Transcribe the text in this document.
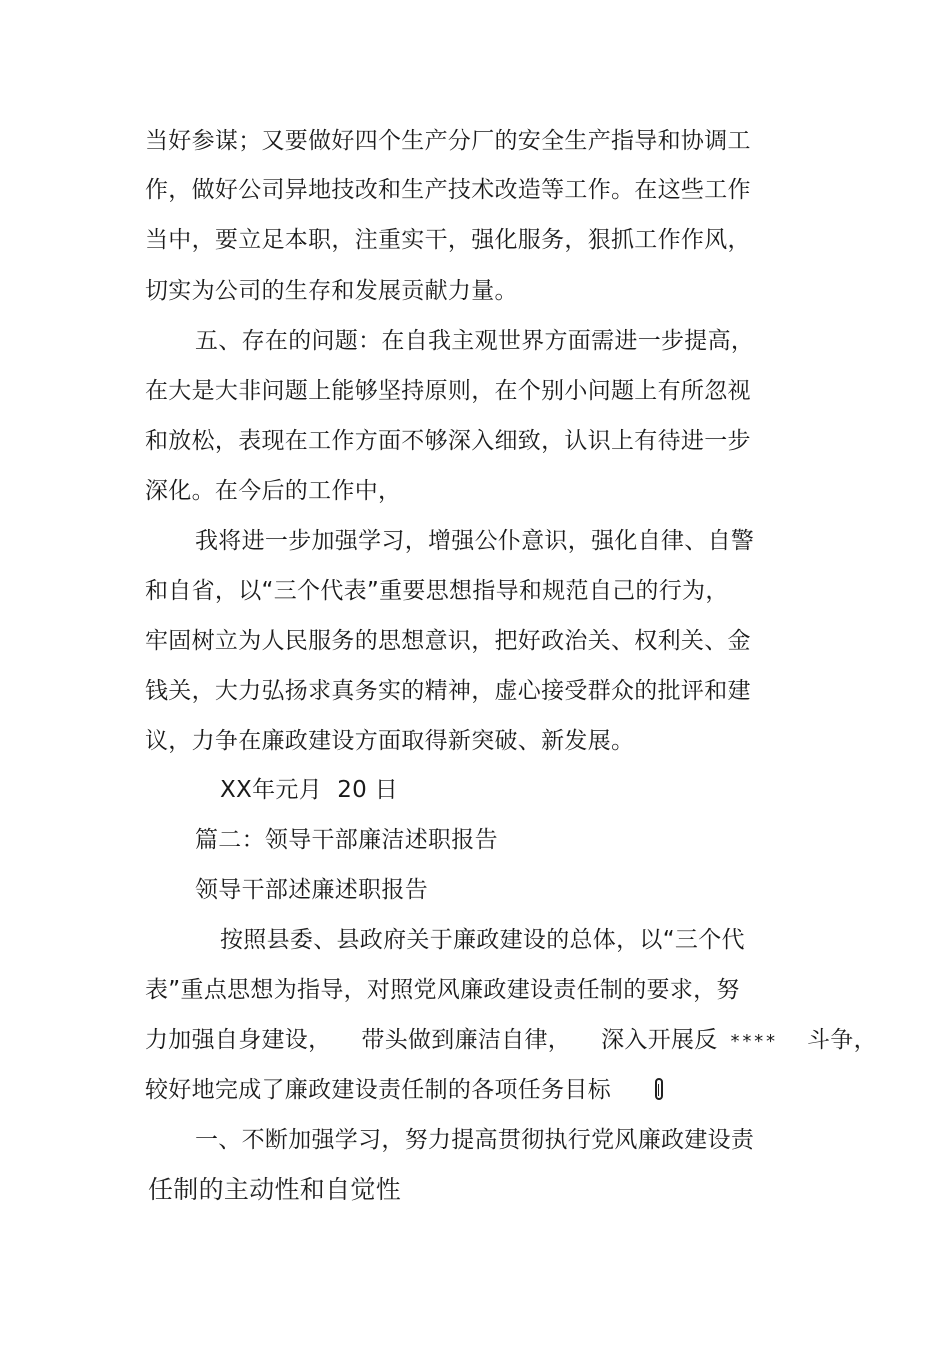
当好参谋；又要做好四个生产分厂的安全生产指导和协调工

作，做好公司异地技改和生产技术改造等工作。在这些工作

当中，要立足本职，注重实干，强化服务，狠抓工作作风，

切实为公司的生存和发展贡献力量。

五、存在的问题：在自我主观世界方面需进一步提高，

在大是大非问题上能够坚持原则，在个别小问题上有所忽视

和放松，表现在工作方面不够深入细致，认识上有待进一步

深化。在今后的工作中，

我将进一步加强学习，增强公仆意识，强化自律、自警

和自省，以“三个代表”重要思想指导和规范自己的行为，

牢固树立为人民服务的思想意识，把好政治关、权利关、金

钱关，大力弘扬求真务实的精神，虚心接受群众的批评和建

议，力争在廉政建设方面取得新突破、新发展。

XX年元月  20 日

篇二：领导干部廉洁述职报告

领导干部述廉述职报告

按照县委、县政府关于廉政建设的总体，以“三个代

表”重点思想为指导，对照党风廉政建设责任制的要求，努

力加强自身建设， 带头做到廉洁自律， 深入开展反 **** 斗争，

较好地完成了廉政建设责任制的各项任务目标

一、不断加强学习，努力提高贯彻执行党风廉政建设责

任制的主动性和自觉性
